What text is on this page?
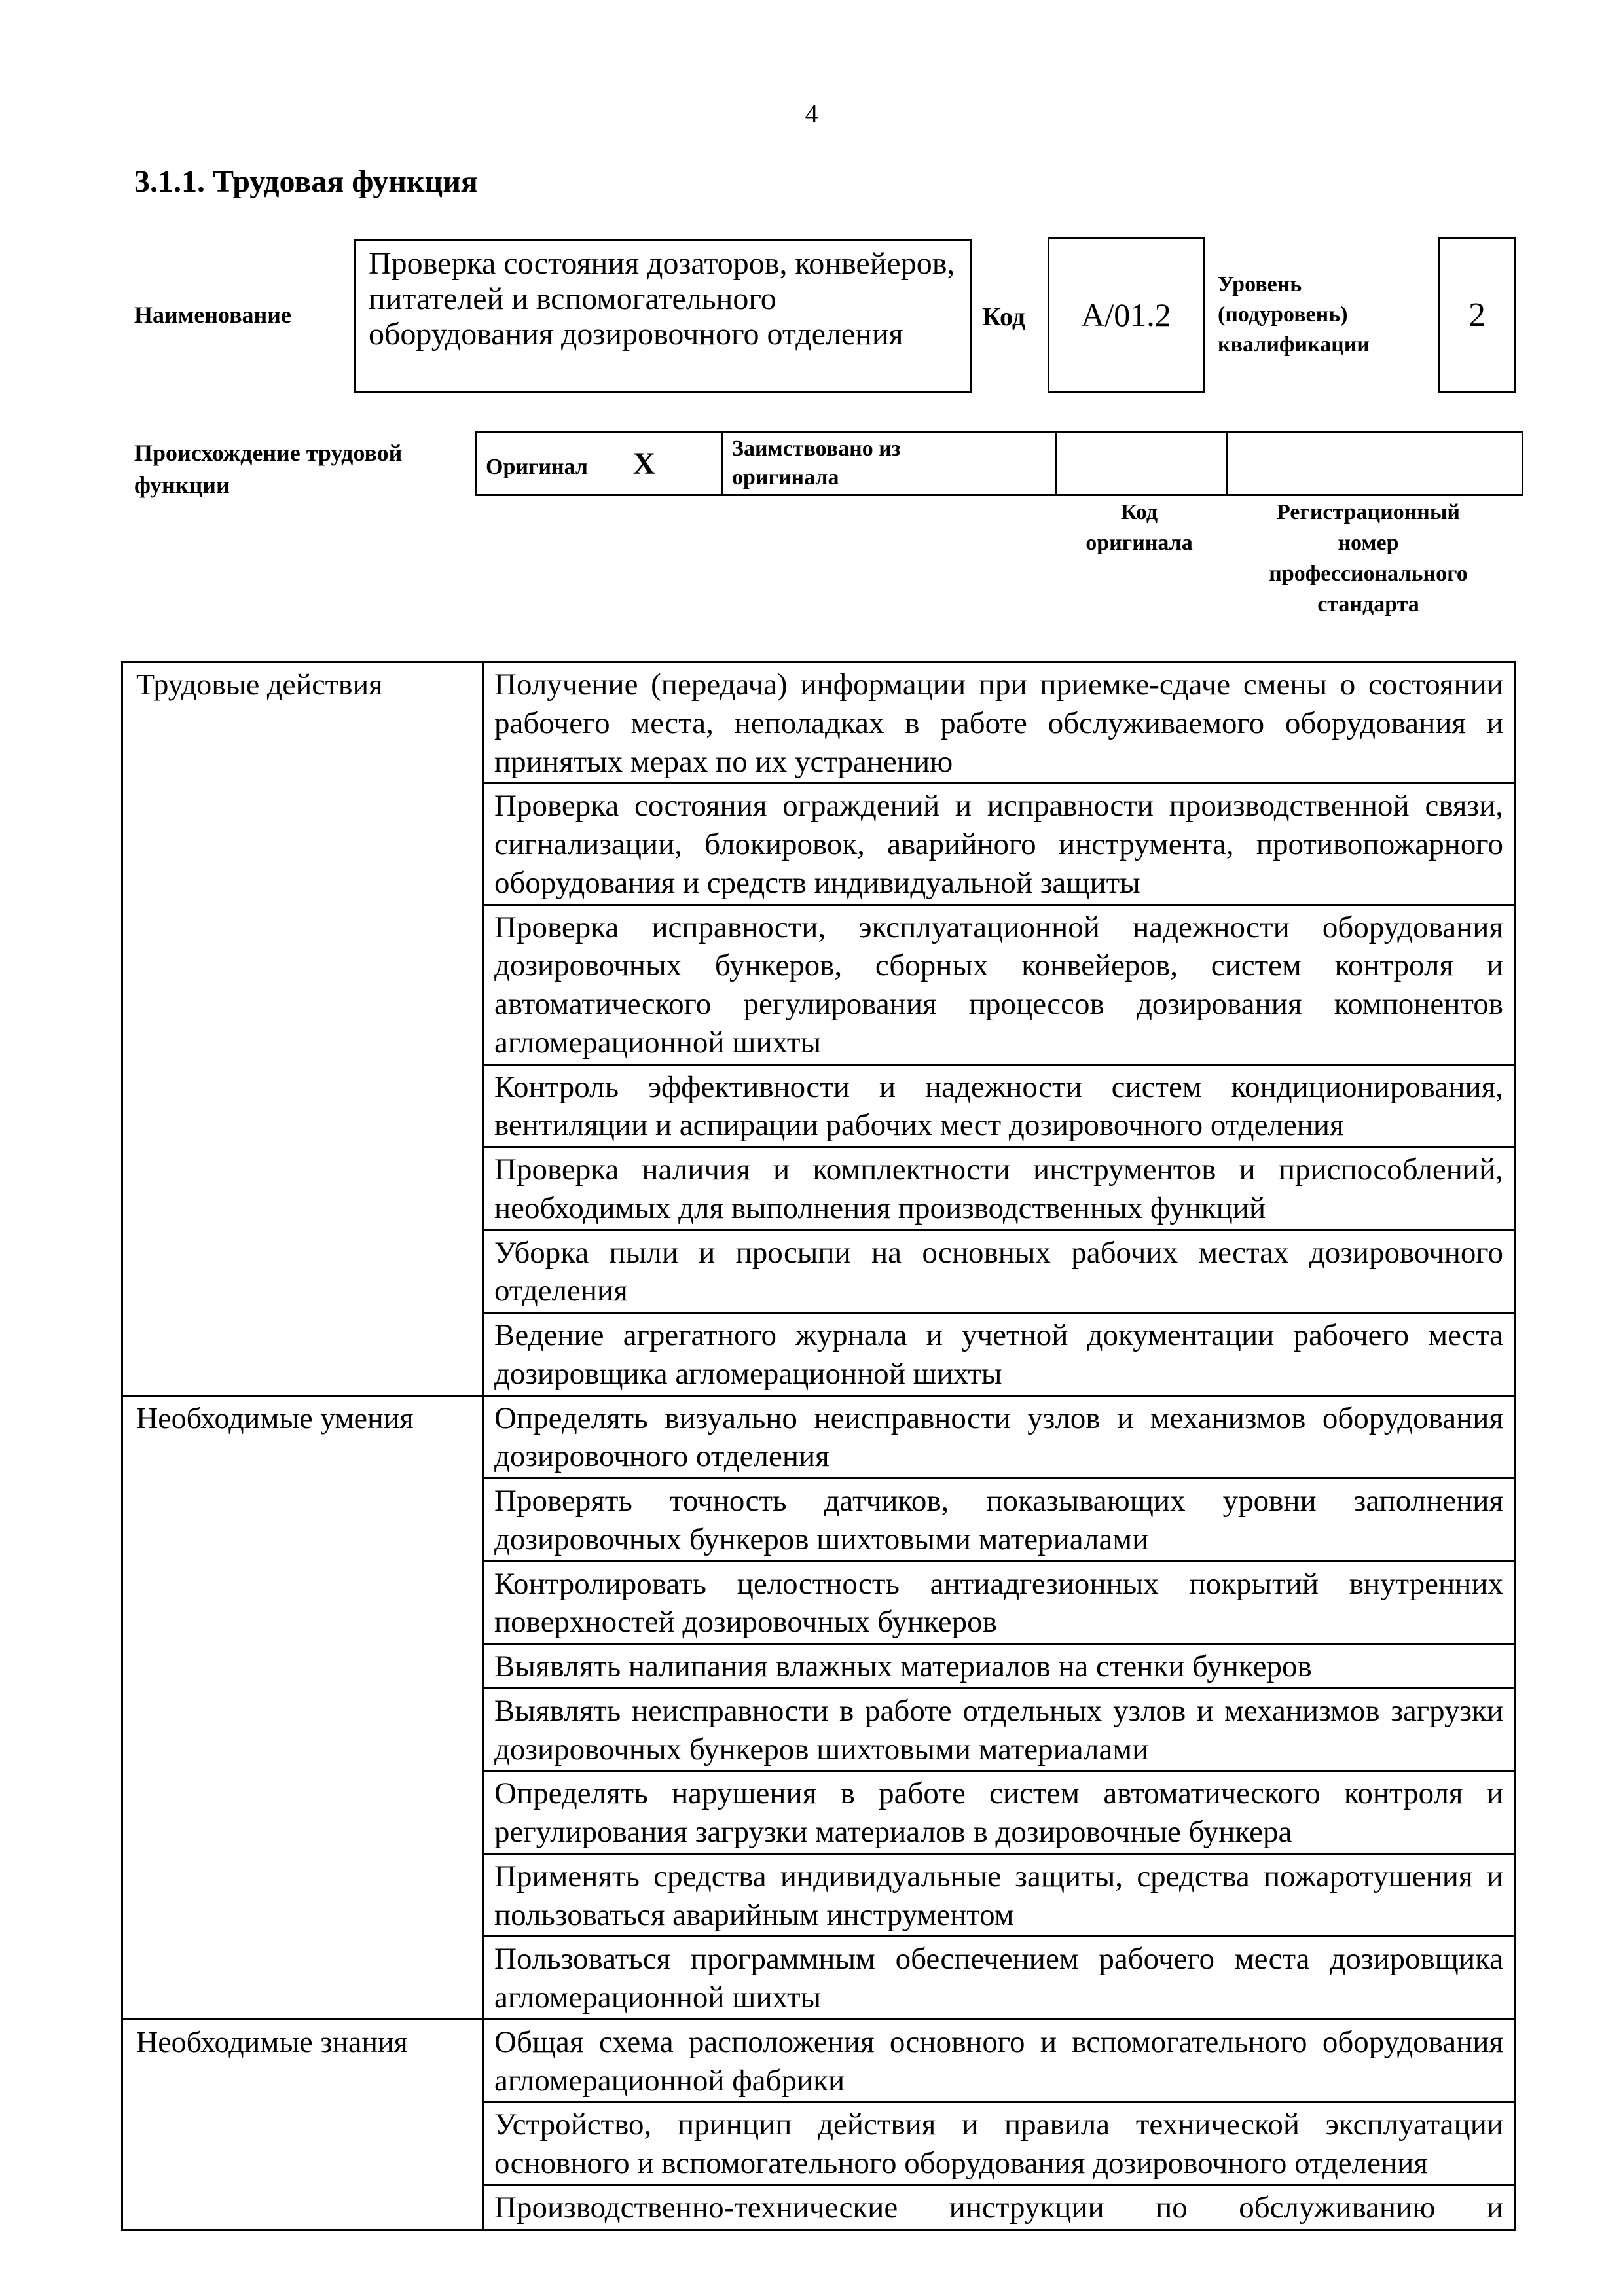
4
3.1.1. Трудовая функция
Наименование
Проверка состояния дозаторов, конвейеров, питателей и вспомогательного оборудования дозировочного отделения	Код	А/01.2
Уровень (подуровень) квалификации
2
Происхождение трудовой функции
Оригинал X	Заимствовано из оригинала

Код оригинала
Регистрационный номер профессионального стандарта
Трудовые действия	Получение (передача) информации при приемке-сдаче смены о состоянии рабочего места, неполадках в работе обслуживаемого оборудования и принятых мерах по их устранению
	Проверка состояния ограждений и исправности производственной связи, сигнализации, блокировок, аварийного инструмента, противопожарного оборудования и средств индивидуальной защиты
	Проверка исправности, эксплуатационной надежности оборудования дозировочных бункеров, сборных конвейеров, систем контроля и автоматического регулирования процессов дозирования компонентов агломерационной шихты
	Контроль эффективности и надежности систем кондиционирования, вентиляции и аспирации рабочих мест дозировочного отделения
	Проверка наличия и комплектности инструментов и приспособлений, необходимых для выполнения производственных функций
	Уборка пыли и просыпи на основных рабочих местах дозировочного отделения
	Ведение агрегатного журнала и учетной документации рабочего места дозировщика агломерационной шихты
Необходимые умения	Определять визуально неисправности узлов и механизмов оборудования дозировочного отделения
	Проверять точность датчиков, показывающих уровни заполнения дозировочных бункеров шихтовыми материалами
	Контролировать целостность антиадгезионных покрытий внутренних поверхностей дозировочных бункеров
	Выявлять налипания влажных материалов на стенки бункеров
	Выявлять неисправности в работе отдельных узлов и механизмов загрузки дозировочных бункеров шихтовыми материалами
	Определять нарушения в работе систем автоматического контроля и регулирования загрузки материалов в дозировочные бункера
	Применять средства индивидуальные защиты, средства пожаротушения и пользоваться аварийным инструментом
	Пользоваться программным обеспечением рабочего места дозировщика агломерационной шихты
Необходимые знания	Общая схема расположения основного и вспомогательного оборудования агломерационной фабрики
	Устройство, принцип действия и правила технической эксплуатации основного и вспомогательного оборудования дозировочного отделения
	Производственно-технические инструкции по обслуживанию и
